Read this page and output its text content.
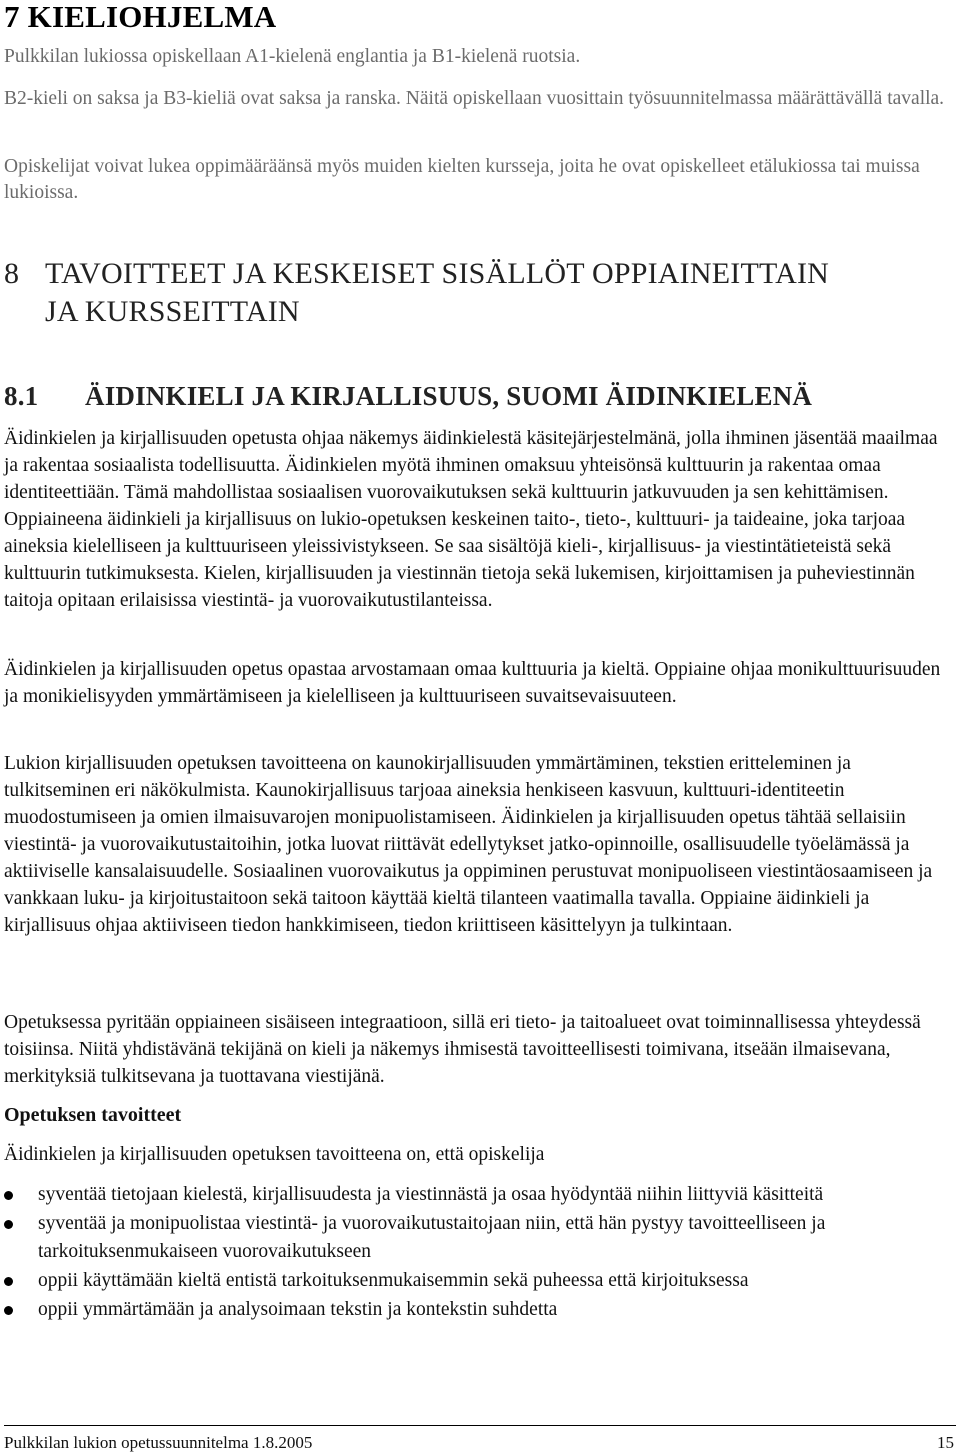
7 KIELIOHJELMA

Pulkkilan lukiossa opiskellaan A1-kielenä englantia ja B1-kielenä ruotsia.

B2-kieli on saksa ja B3-kieliä ovat saksa ja ranska. Näitä opiskellaan vuosittain työsuunnitelmassa määrättävällä tavalla.

Opiskelijat voivat lukea oppimääräänsä myös muiden kielten kursseja, joita he ovat opiskelleet etälukiossa tai muissa lukioissa.

8 TAVOITTEET JA KESKEISET SISÄLLÖT OPPIAINEITTAIN
JA KURSSEITTAIN
8.1 ÄIDINKIELI JA KIRJALLISUUS, SUOMI ÄIDINKIELENÄ

Äidinkielen ja kirjallisuuden opetusta ohjaa näkemys äidinkielestä käsitejärjestelmänä, jolla ihminen jäsentää maailmaa ja rakentaa sosiaalista todellisuutta. Äidinkielen myötä ihminen omaksuu yhteisönsä kulttuurin ja rakentaa omaa identiteettiään. Tämä mahdollistaa sosiaalisen vuorovaikutuksen sekä kulttuurin jatkuvuuden ja sen kehittämisen. Oppiaineena äidinkieli ja kirjallisuus on lukio-opetuksen keskeinen taito-, tieto-, kulttuuri- ja taideaine, joka tarjoaa aineksia kielelliseen ja kulttuuriseen yleissivistykseen. Se saa sisältöjä kieli-, kirjallisuus- ja viestintätieteistä sekä kulttuurin tutkimuksesta. Kielen, kirjallisuuden ja viestinnän tietoja sekä lukemisen, kirjoittamisen ja puheviestinnän taitoja opitaan erilaisissa viestintä- ja vuorovaikutustilanteissa.

Äidinkielen ja kirjallisuuden opetus opastaa arvostamaan omaa kulttuuria ja kieltä. Oppiaine ohjaa monikulttuurisuuden ja monikielisyyden ymmärtämiseen ja kielelliseen ja kulttuuriseen suvaitsevaisuuteen.

Lukion kirjallisuuden opetuksen tavoitteena on kaunokirjallisuuden ymmärtäminen, tekstien eritteleminen ja tulkitseminen eri näkökulmista. Kaunokirjallisuus tarjoaa aineksia henkiseen kasvuun, kulttuuri-identiteetin muodostumiseen ja omien ilmaisuvarojen monipuolistamiseen. Äidinkielen ja kirjallisuuden opetus tähtää sellaisiin viestintä- ja vuorovaikutustaitoihin, jotka luovat riittävät edellytykset jatko-opinnoille, osallisuudelle työelämässä ja aktiiviselle kansalaisuudelle. Sosiaalinen vuorovaikutus ja oppiminen perustuvat monipuoliseen viestintäosaamiseen ja vankkaan luku- ja kirjoitustaitoon sekä taitoon käyttää kieltä tilanteen vaatimalla tavalla. Oppiaine äidinkieli ja kirjallisuus ohjaa aktiiviseen tiedon hankkimiseen, tiedon kriittiseen käsittelyyn ja tulkintaan.

Opetuksessa pyritään oppiaineen sisäiseen integraatioon, sillä eri tieto- ja taitoalueet ovat toiminnallisessa yhteydessä toisiinsa. Niitä yhdistävänä tekijänä on kieli ja näkemys ihmisestä tavoitteellisesti toimivana, itseään ilmaisevana, merkityksiä tulkitsevana ja tuottavana viestijänä.

Opetuksen tavoitteet

Äidinkielen ja kirjallisuuden opetuksen tavoitteena on, että opiskelija

syventää tietojaan kielestä, kirjallisuudesta ja viestinnästä ja osaa hyödyntää niihin liittyviä käsitteitä
syventää ja monipuolistaa viestintä- ja vuorovaikutustaitojaan niin, että hän pystyy tavoitteelliseen ja tarkoituksenmukaiseen vuorovaikutukseen
oppii käyttämään kieltä entistä tarkoituksenmukaisemmin sekä puheessa että kirjoituksessa
oppii ymmärtämään ja analysoimaan tekstin ja kontekstin suhdetta
Pulkkilan lukion opetussuunnitelma 1.8.2005	15
